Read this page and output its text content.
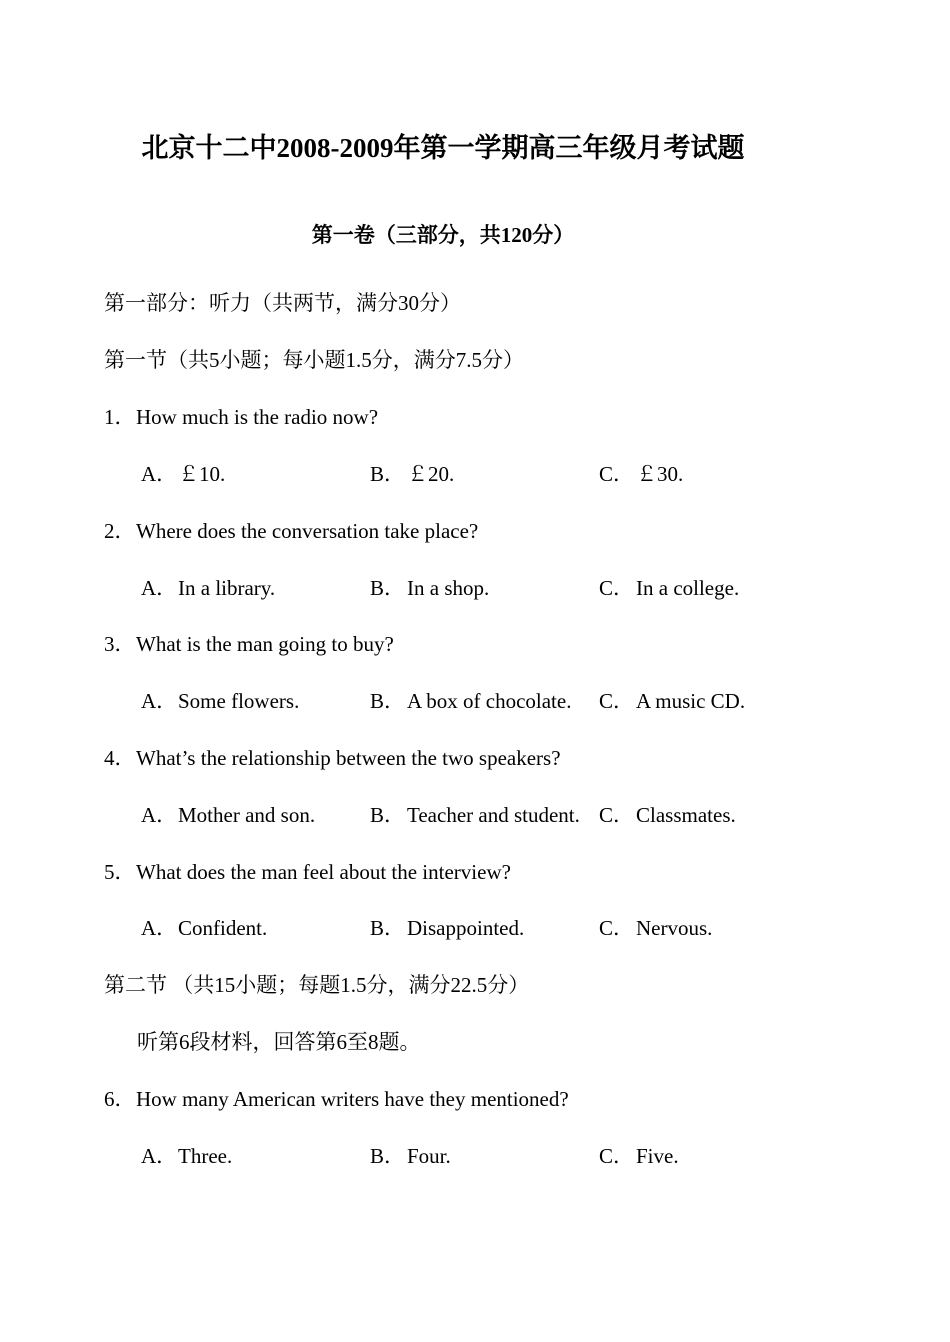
北京十二中2008-2009年第一学期高三年级月考试题
第一卷（三部分，共120分）
第一部分：听力（共两节，满分30分）
第一节（共5小题；每小题1.5分，满分7.5分）
1．How much is the radio now?
A．￡10.	B．￡20.	C．￡30.
2．Where does the conversation take place?
A．In a library.	B．In a shop.	C．In a college.
3．What is the man going to buy?
A．Some flowers.	B．A box of chocolate. C．A music CD.
4．What’s the relationship between the two speakers?
A．Mother and son.	B．Teacher and student. C．Classmates.
5．What does the man feel about the interview?
A．Confident.	B．Disappointed.	C．Nervous.
第二节 （共15小题；每题1.5分，满分22.5分）
听第6段材料，回答第6至8题。
6．How many American writers have they mentioned?
A．Three.	B．Four.	C．Five.
